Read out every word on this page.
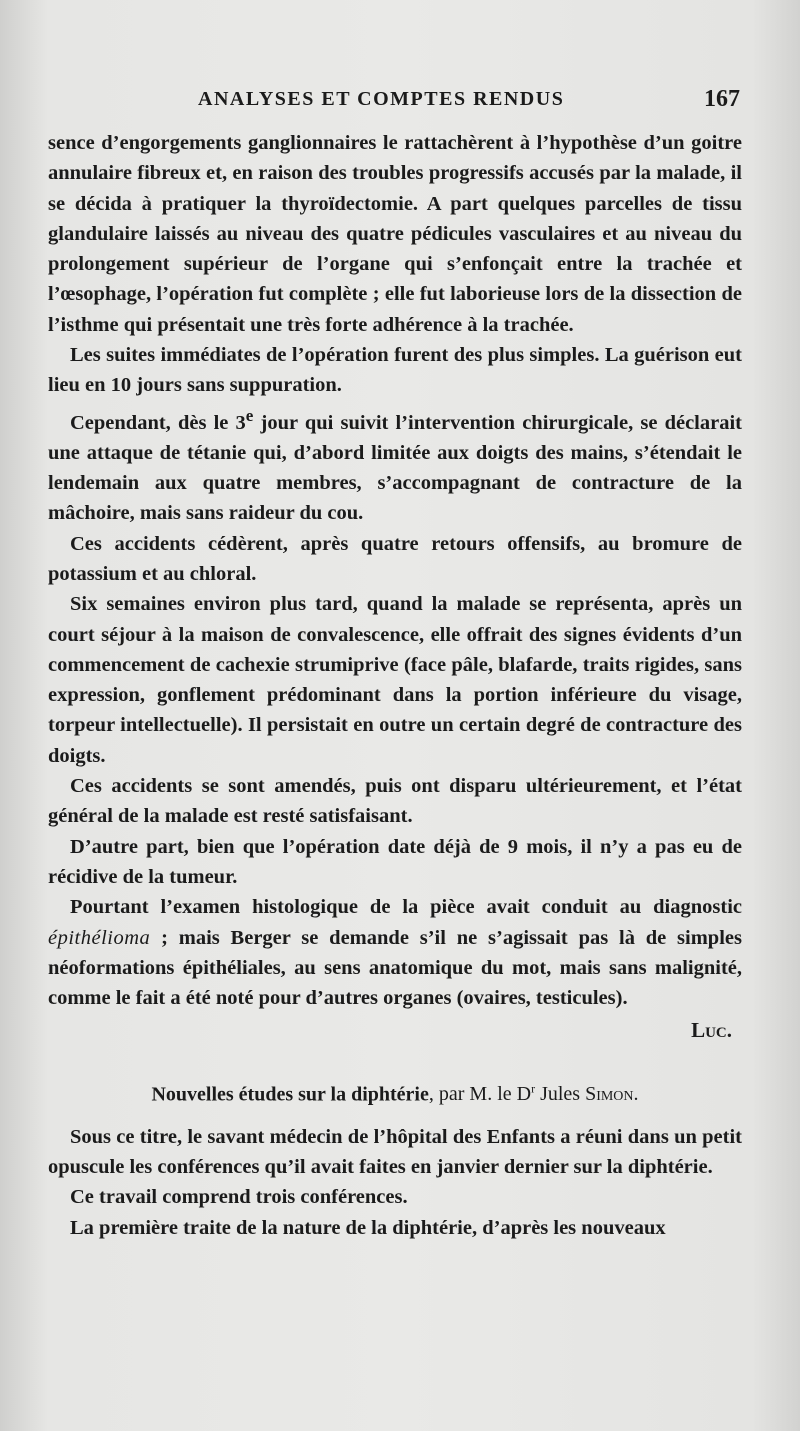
ANALYSES ET COMPTES RENDUS	167

sence d’engorgements ganglionnaires le rattachèrent à l’hypothèse d’un goitre annulaire fibreux et, en raison des troubles progressifs accusés par la malade, il se décida à pratiquer la thyroïdectomie. A part quelques parcelles de tissu glandulaire laissés au niveau des quatre pédicules vasculaires et au niveau du prolongement supérieur de l’organe qui s’enfonçait entre la trachée et l’œsophage, l’opération fut complète ; elle fut laborieuse lors de la dissection de l’isthme qui présentait une très forte adhérence à la trachée.

Les suites immédiates de l’opération furent des plus simples. La guérison eut lieu en 10 jours sans suppuration.

Cependant, dès le 3e jour qui suivit l’intervention chirurgicale, se déclarait une attaque de tétanie qui, d’abord limitée aux doigts des mains, s’étendait le lendemain aux quatre membres, s’accompagnant de contracture de la mâchoire, mais sans raideur du cou.

Ces accidents cédèrent, après quatre retours offensifs, au bromure de potassium et au chloral.

Six semaines environ plus tard, quand la malade se représenta, après un court séjour à la maison de convalescence, elle offrait des signes évidents d’un commencement de cachexie strumiprive (face pâle, blafarde, traits rigides, sans expression, gonflement prédominant dans la portion inférieure du visage, torpeur intellectuelle). Il persistait en outre un certain degré de contracture des doigts.

Ces accidents se sont amendés, puis ont disparu ultérieurement, et l’état général de la malade est resté satisfaisant.

D’autre part, bien que l’opération date déjà de 9 mois, il n’y a pas eu de récidive de la tumeur.

Pourtant l’examen histologique de la pièce avait conduit au diagnostic épithélioma ; mais Berger se demande s’il ne s’agissait pas là de simples néoformations épithéliales, au sens anatomique du mot, mais sans malignité, comme le fait a été noté pour d’autres organes (ovaires, testicules).

Luc.

Nouvelles études sur la diphtérie, par M. le $D^r$ Jules Simon.

Sous ce titre, le savant médecin de l’hôpital des Enfants a réuni dans un petit opuscule les conférences qu’il avait faites en janvier dernier sur la diphtérie.

Ce travail comprend trois conférences.

La première traite de la nature de la diphtérie, d’après les nouveaux
